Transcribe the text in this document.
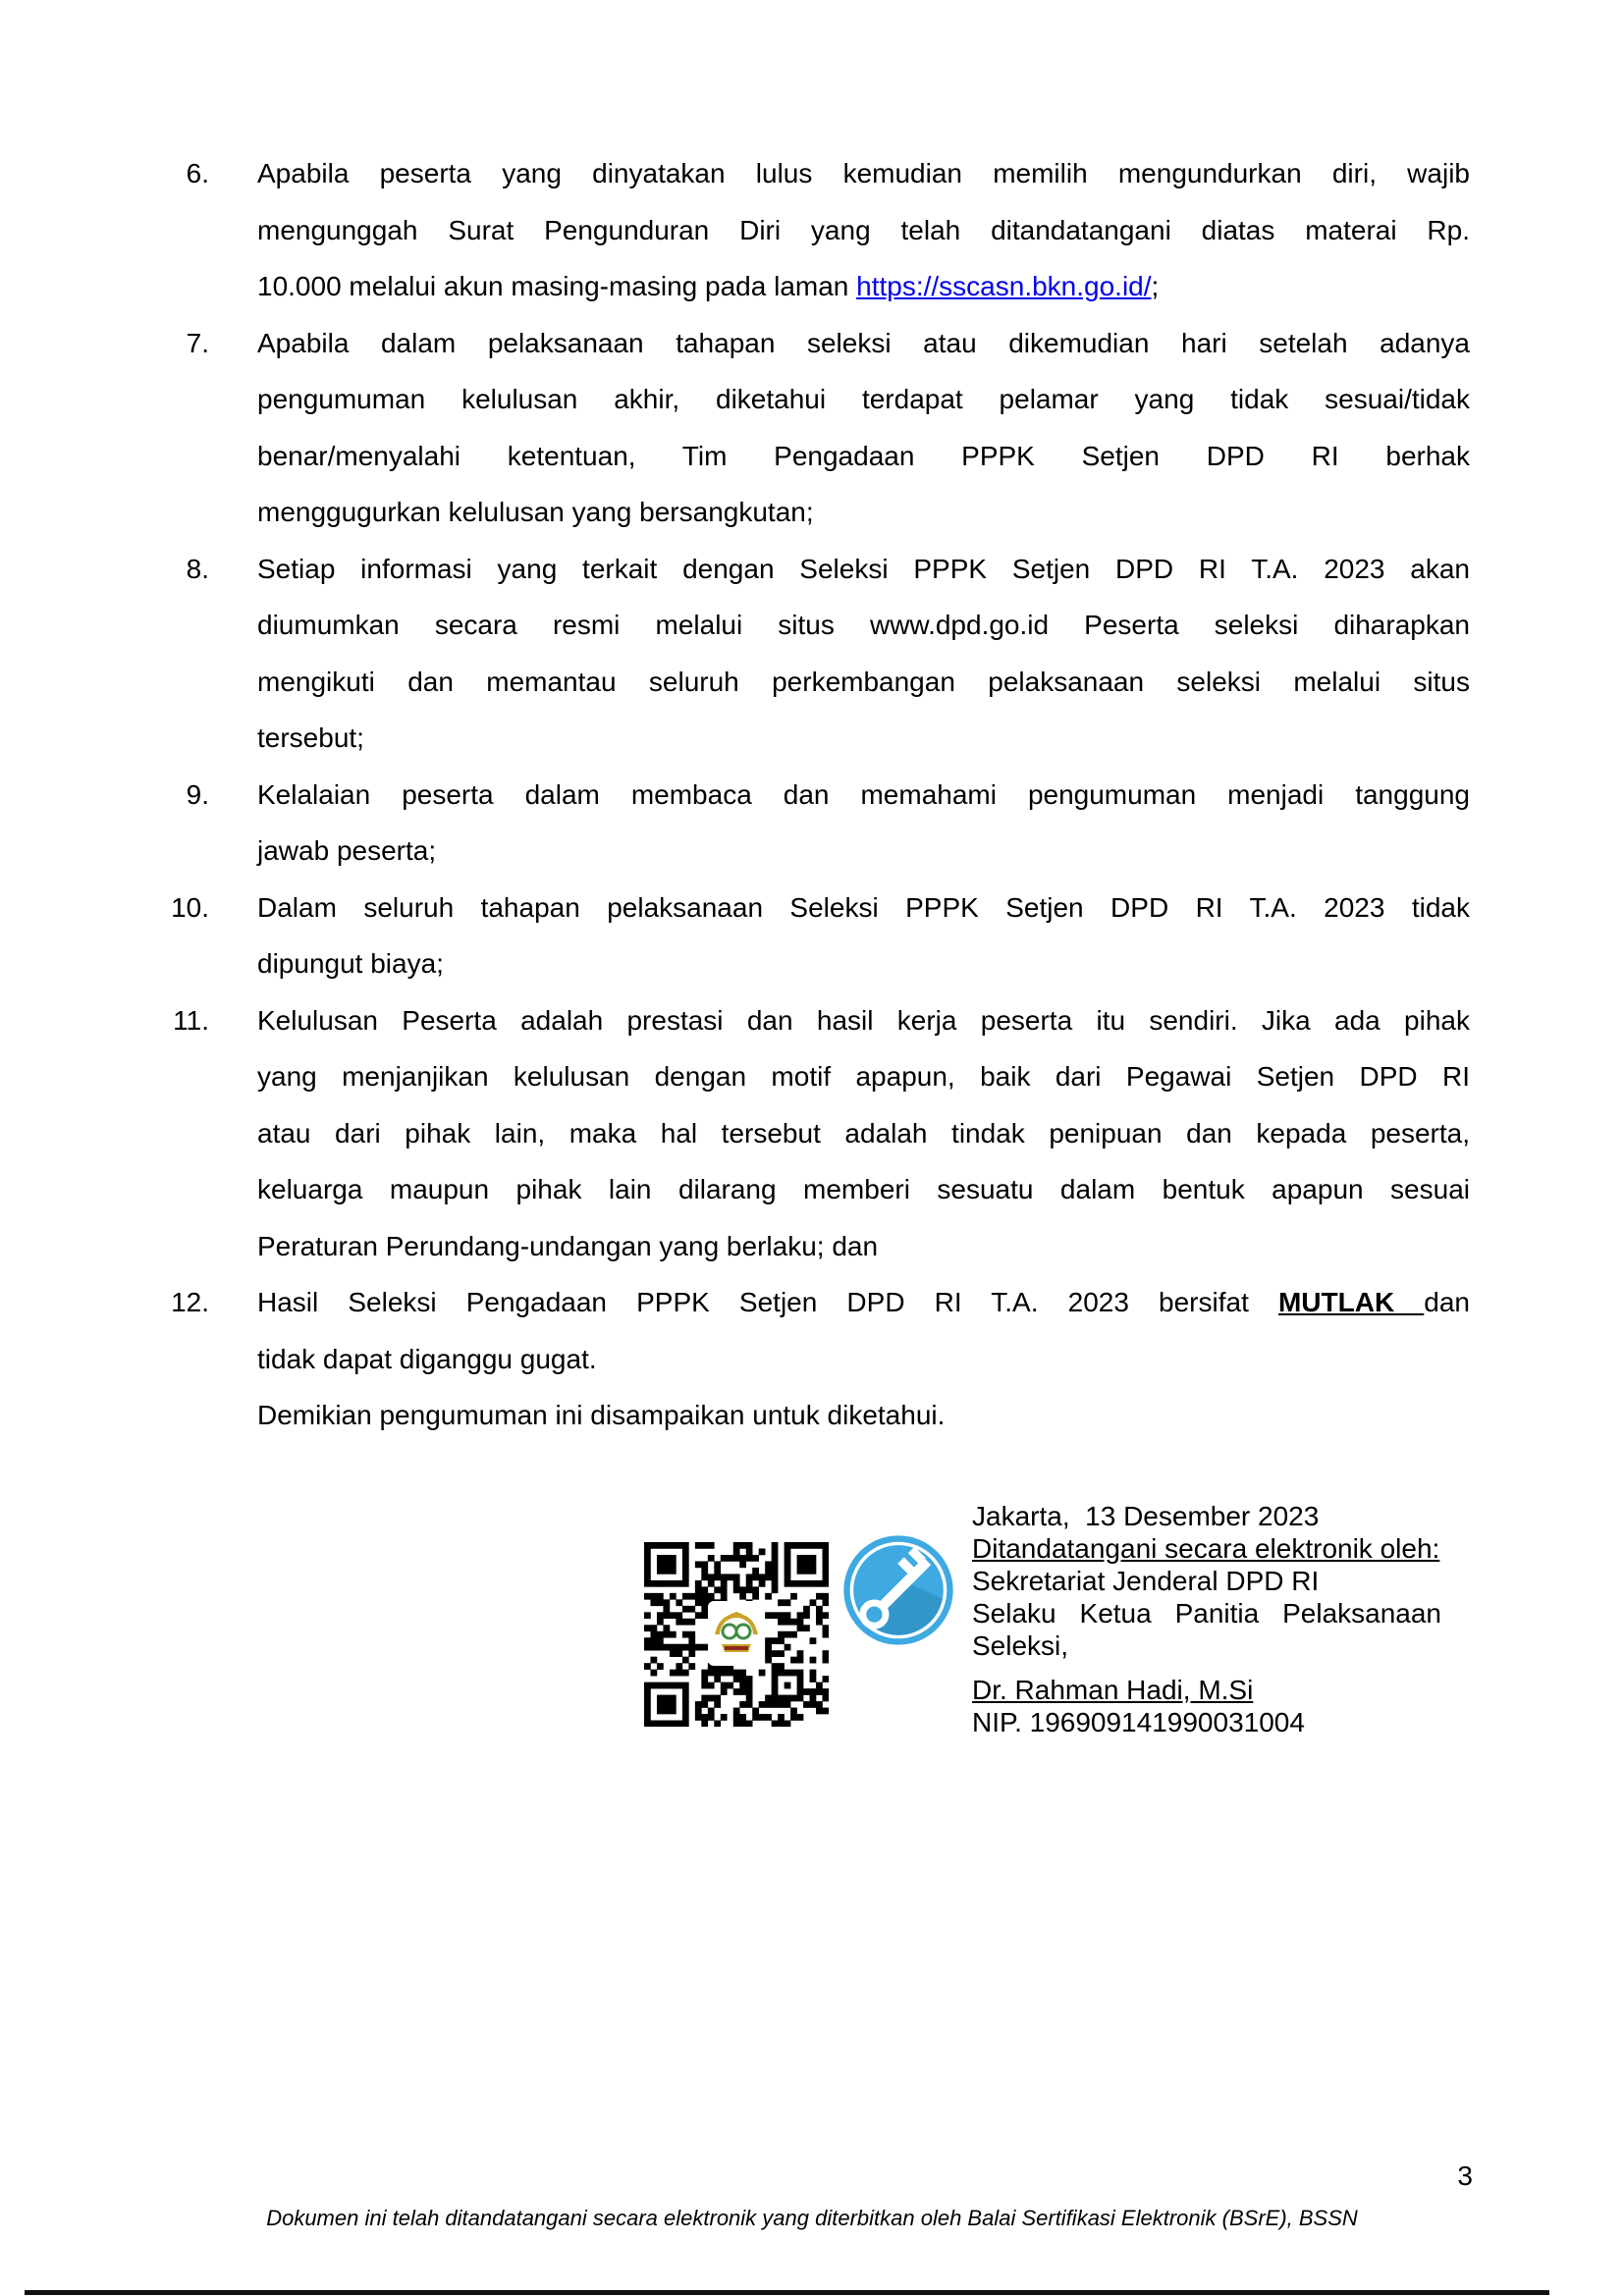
6. Apabila peserta yang dinyatakan lulus kemudian memilih mengundurkan diri, wajib
mengunggah Surat Pengunduran Diri yang telah ditandatangani diatas materai Rp.
10.000 melalui akun masing-masing pada laman https://sscasn.bkn.go.id/;
7. Apabila dalam pelaksanaan tahapan seleksi atau dikemudian hari setelah adanya
pengumuman kelulusan akhir, diketahui terdapat pelamar yang tidak sesuai/tidak
benar/menyalahi ketentuan, Tim Pengadaan PPPK Setjen DPD RI berhak
menggugurkan kelulusan yang bersangkutan;
8. Setiap informasi yang terkait dengan Seleksi PPPK Setjen DPD RI T.A. 2023 akan
diumumkan secara resmi melalui situs www.dpd.go.id Peserta seleksi diharapkan
mengikuti dan memantau seluruh perkembangan pelaksanaan seleksi melalui situs
tersebut;
9. Kelalaian peserta dalam membaca dan memahami pengumuman menjadi tanggung
jawab peserta;
10. Dalam seluruh tahapan pelaksanaan Seleksi PPPK Setjen DPD RI T.A. 2023 tidak
dipungut biaya;
11. Kelulusan Peserta adalah prestasi dan hasil kerja peserta itu sendiri. Jika ada pihak
yang menjanjikan kelulusan dengan motif apapun, baik dari Pegawai Setjen DPD RI
atau dari pihak lain, maka hal tersebut adalah tindak penipuan dan kepada peserta,
keluarga maupun pihak lain dilarang memberi sesuatu dalam bentuk apapun sesuai
Peraturan Perundang-undangan yang berlaku; dan
12. Hasil Seleksi Pengadaan PPPK Setjen DPD RI T.A. 2023 bersifat MUTLAK dan
tidak dapat diganggu gugat.
Demikian pengumuman ini disampaikan untuk diketahui.
Jakarta,  13 Desember 2023
Ditandatangani secara elektronik oleh:
Sekretariat Jenderal DPD RI
Selaku Ketua Panitia Pelaksanaan
Seleksi,
Dr. Rahman Hadi, M.Si
NIP. 196909141990031004
3
Dokumen ini telah ditandatangani secara elektronik yang diterbitkan oleh Balai Sertifikasi Elektronik (BSrE), BSSN
